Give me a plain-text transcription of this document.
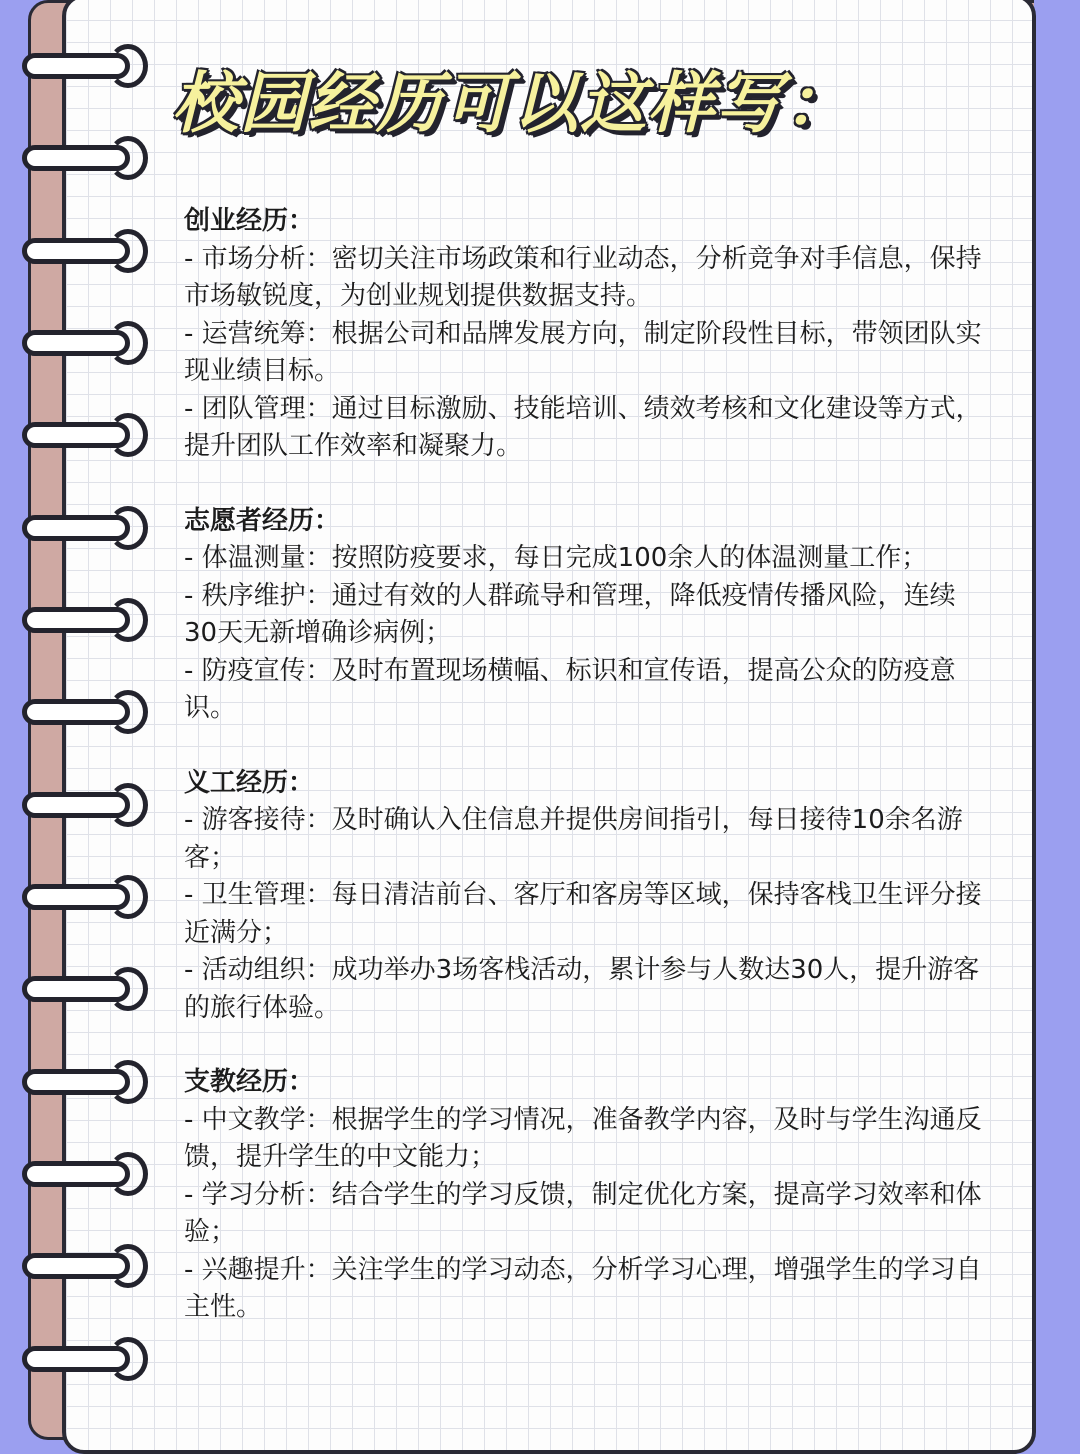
校园经历可以这样写：

创业经历：

- 市场分析：密切关注市场政策和行业动态，分析竞争对手信息，保持市场敏锐度，为创业规划提供数据支持。

- 运营统筹：根据公司和品牌发展方向，制定阶段性目标，带领团队实现业绩目标。

- 团队管理：通过目标激励、技能培训、绩效考核和文化建设等方式，提升团队工作效率和凝聚力。

志愿者经历：

- 体温测量：按照防疫要求，每日完成100余人的体温测量工作；

- 秩序维护：通过有效的人群疏导和管理，降低疫情传播风险，连续30天无新增确诊病例；

- 防疫宣传：及时布置现场横幅、标识和宣传语，提高公众的防疫意识。

义工经历：

- 游客接待：及时确认入住信息并提供房间指引，每日接待10余名游客；

- 卫生管理：每日清洁前台、客厅和客房等区域，保持客栈卫生评分接近满分；

- 活动组织：成功举办3场客栈活动，累计参与人数达30人，提升游客的旅行体验。

支教经历：

- 中文教学：根据学生的学习情况，准备教学内容，及时与学生沟通反馈，提升学生的中文能力；

- 学习分析：结合学生的学习反馈，制定优化方案，提高学习效率和体验；

- 兴趣提升：关注学生的学习动态，分析学习心理，增强学生的学习自主性。
